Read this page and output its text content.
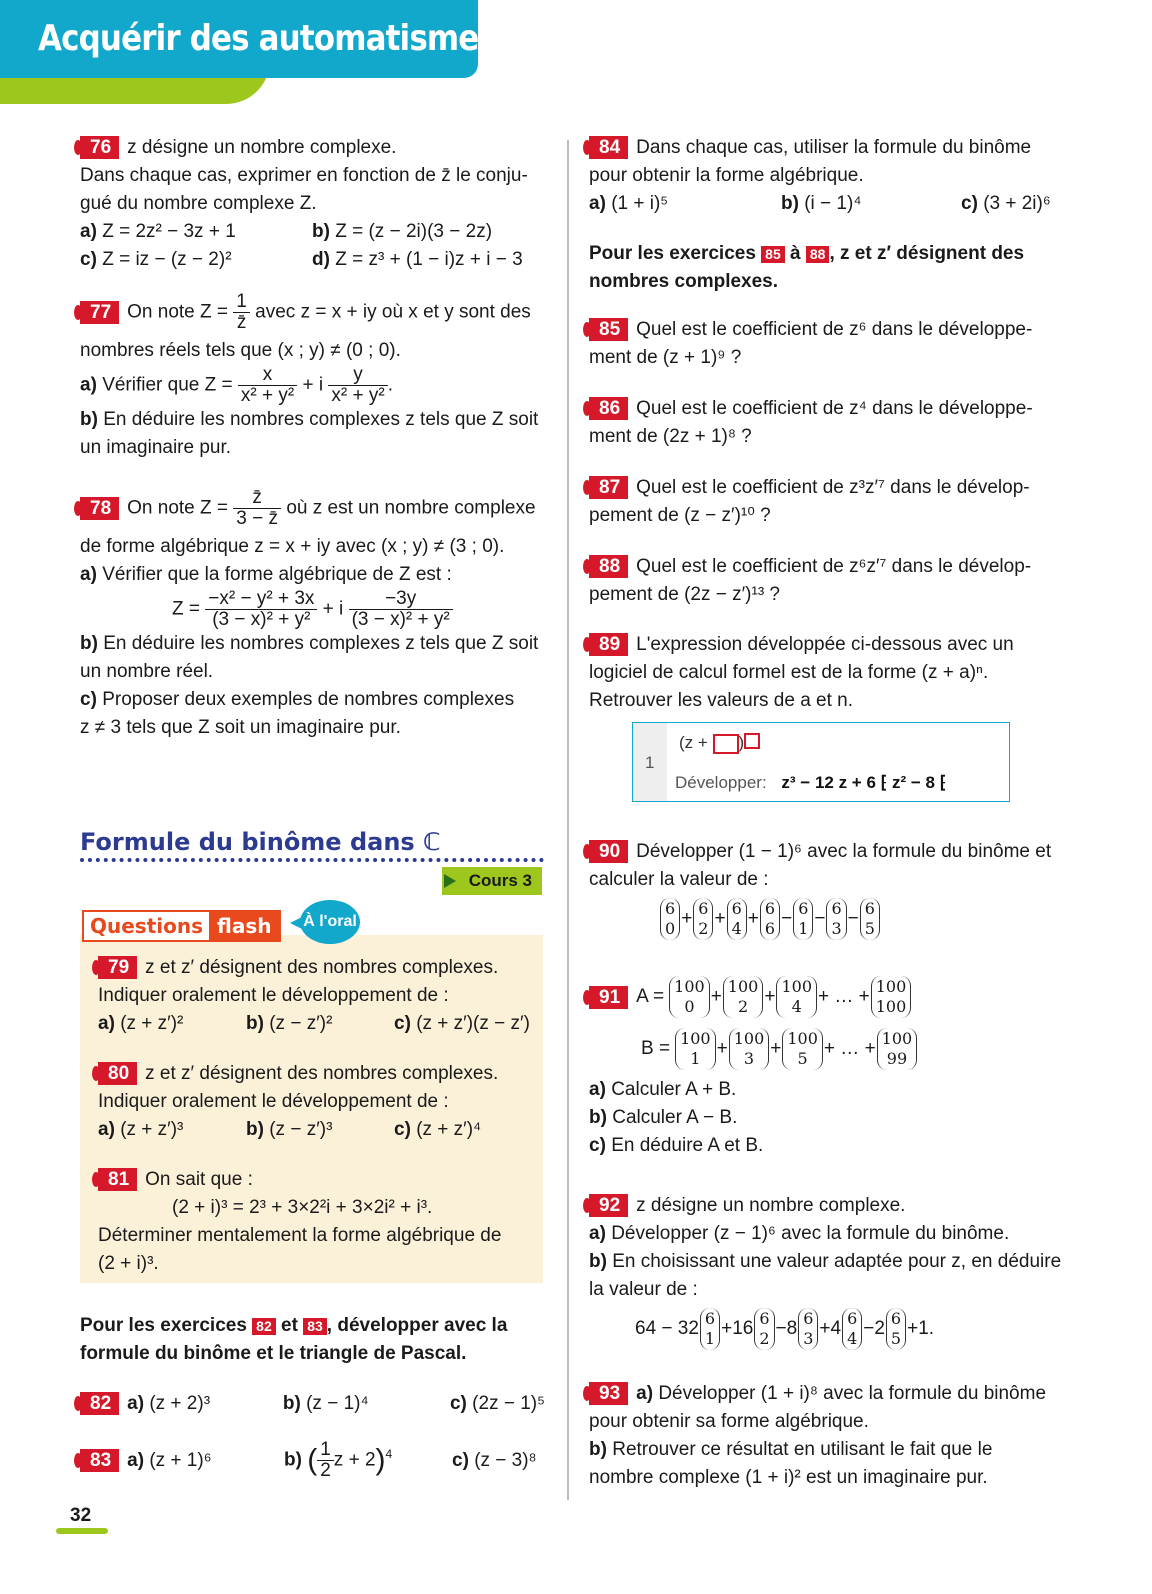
Acquérir des automatismes
76 z désigne un nombre complexe.
Dans chaque cas, exprimer en fonction de z̄ le conju-
gué du nombre complexe Z.
a) Z = 2z² − 3z + 1	b) Z = (z − 2i)(3 − 2z)
c) Z = iz − (z − 2)²	d) Z = z³ + (1 − i)z + i − 3
77 On note $Z = \frac{1}{z̄}$ avec z = x + iy où x et y sont des
nombres réels tels que (x ; y) ≠ (0 ; 0).
a) Vérifier que $Z = \frac{x}{\text{x² + y²}} + i \frac{y}{\text{x² + y²}}$ .
b) En déduire les nombres complexes z tels que Z soit
un imaginaire pur.
78 On note $Z = \frac{z̄}{3 - z̄}$ où z est un nombre complexe
de forme algébrique z = x + iy avec (x ; y) ≠ (3 ; 0).
a) Vérifier que la forme algébrique de Z est :
$Z = \frac{\text{−x² − y² + 3x}}{\text{(3 − x)² + y²}} + i \frac{-3y}{\text{(3 − x)² + y²}}$
b) En déduire les nombres complexes z tels que Z soit
un nombre réel.
c) Proposer deux exemples de nombres complexes
z ≠ 3 tels que Z soit un imaginaire pur.
Formule du binôme dans ℂ
Cours 3
Questions flash	À l'oral
79 z et z′ désignent des nombres complexes.
Indiquer oralement le développement de :
a) (z + z′)²	b) (z − z′)²	c) (z + z′)(z − z′)
80 z et z′ désignent des nombres complexes.
Indiquer oralement le développement de :
a) (z + z′)³	b) (z − z′)³	c) (z + z′)⁴
81 On sait que :
(2 + i)³ = 2³ + 3×2²i + 3×2i² + i³.
Déterminer mentalement la forme algébrique de
(2 + i)³.
Pour les exercices 82 et 83 , développer avec la
formule du binôme et le triangle de Pascal.
82 a) (z + 2)³	b) (z − 1)⁴	c) (2z − 1)⁵
83 a) (z + 1)⁶	b) ( $\frac{1}{2}$ z + 2)$^4$	c) (z − 3)⁸
84 Dans chaque cas, utiliser la formule du binôme
pour obtenir la forme algébrique.
a) (1 + i)⁵	b) (i − 1)⁴	c) (3 + 2i)⁶
Pour les exercices 85 à 88 , z et z′ désignent des
nombres complexes.
85 Quel est le coefficient de z⁶ dans le développe-
ment de (z + 1)⁹ ?
86 Quel est le coefficient de z⁴ dans le développe-
ment de (2z + 1)⁸ ?
87 Quel est le coefficient de z³z′⁷ dans le dévelop-
pement de (z − z′)¹⁰ ?
88 Quel est le coefficient de z⁶z′⁷ dans le dévelop-
pement de (2z − z′)¹³ ?
89 L'expression développée ci-dessous avec un
logiciel de calcul formel est de la forme (z + a)ⁿ.
Retrouver les valeurs de a et n.
1
(z + )
Développer: z³ − 12 z + 6 ⁅ z² − 8 ⁅
90 Développer (1 − 1)⁶ avec la formule du binôme et
calculer la valeur de :
6
0 + 6
2 + 6
4 + 6
6 − 6
1 − 6
3 − 6
5
91 A = 100
0 + 100
2 + 100
4 + … + 100
100
B = 100
1 + 100
3 + 100
5 + … + 100
99
a) Calculer A + B.
b) Calculer A − B.
c) En déduire A et B.
92 z désigne un nombre complexe.
a) Développer (z − 1)⁶ avec la formule du binôme.
b) En choisissant une valeur adaptée pour z, en déduire
la valeur de :
64 − 32 6
1 +16 6
2 −8 6
3 +4 6
4 −2 6
5 +1.
93 a) Développer (1 + i)⁸ avec la formule du binôme
pour obtenir sa forme algébrique.
b) Retrouver ce résultat en utilisant le fait que le
nombre complexe (1 + i)² est un imaginaire pur.
32
